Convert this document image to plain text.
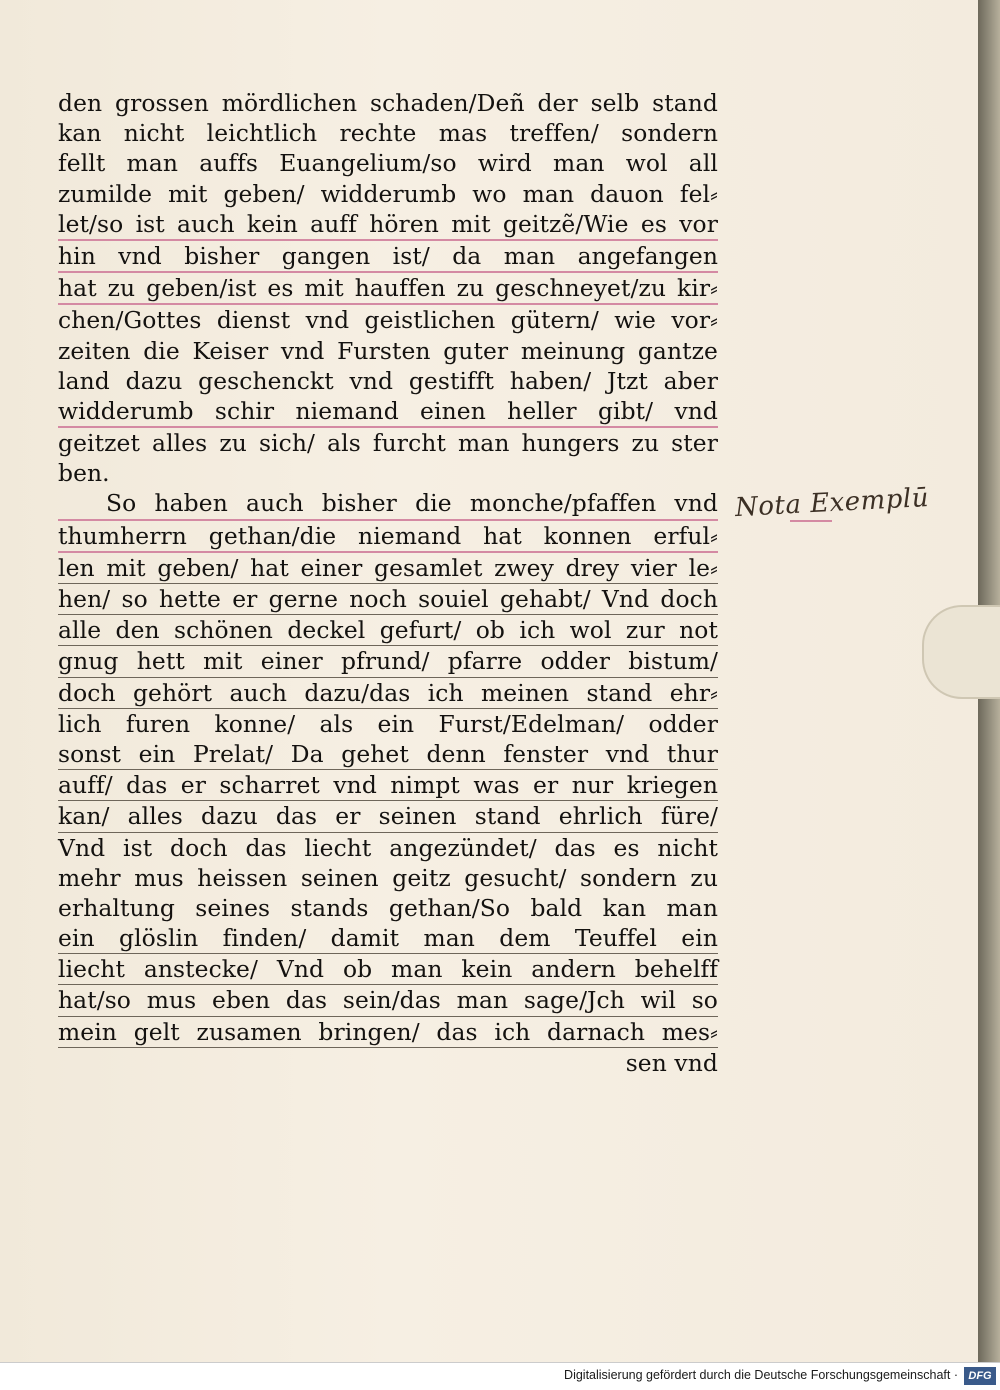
den grossen mördlichen schaden/Deñ der selb stand
kan nicht leichtlich rechte mas treffen/ sondern
fellt man auffs Euangelium/so wird man wol all
zumilde mit geben/ widderumb wo man dauon fel⸗
let/so ist auch kein auff hören mit geitzẽ/Wie es vor
hin vnd bisher gangen ist/ da man angefangen
hat zu geben/ist es mit hauffen zu geschneyet/zu kir⸗
chen/Gottes dienst vnd geistlichen gütern/ wie vor⸗
zeiten die Keiser vnd Fursten guter meinung gantze
land dazu geschenckt vnd gestifft haben/ Jtzt aber
widderumb schir niemand einen heller gibt/ vnd
geitzet alles zu sich/ als furcht man hungers zu ster
ben.
So haben auch bisher die monche/pfaffen vnd
thumherrn gethan/die niemand hat konnen erful⸗
len mit geben/ hat einer gesamlet zwey drey vier le⸗
hen/ so hette er gerne noch souiel gehabt/ Vnd doch
alle den schönen deckel gefurt/ ob ich wol zur not
gnug hett mit einer pfrund/ pfarre odder bistum/
doch gehört auch dazu/das ich meinen stand ehr⸗
lich furen konne/ als ein Furst/Edelman/ odder
sonst ein Prelat/ Da gehet denn fenster vnd thur
auff/ das er scharret vnd nimpt was er nur kriegen
kan/ alles dazu das er seinen stand ehrlich füre/
Vnd ist doch das liecht angezündet/ das es nicht
mehr mus heissen seinen geitz gesucht/ sondern zu
erhaltung seines stands gethan/So bald kan man
ein glöslin finden/ damit man dem Teuffel ein
liecht anstecke/ Vnd ob man kein andern behelff
hat/so mus eben das sein/das man sage/Jch wil so
mein gelt zusamen bringen/ das ich darnach mes⸗
sen vnd
Nota Exemplū
Digitalisierung gefördert durch die Deutsche Forschungsgemeinschaft · DFG
